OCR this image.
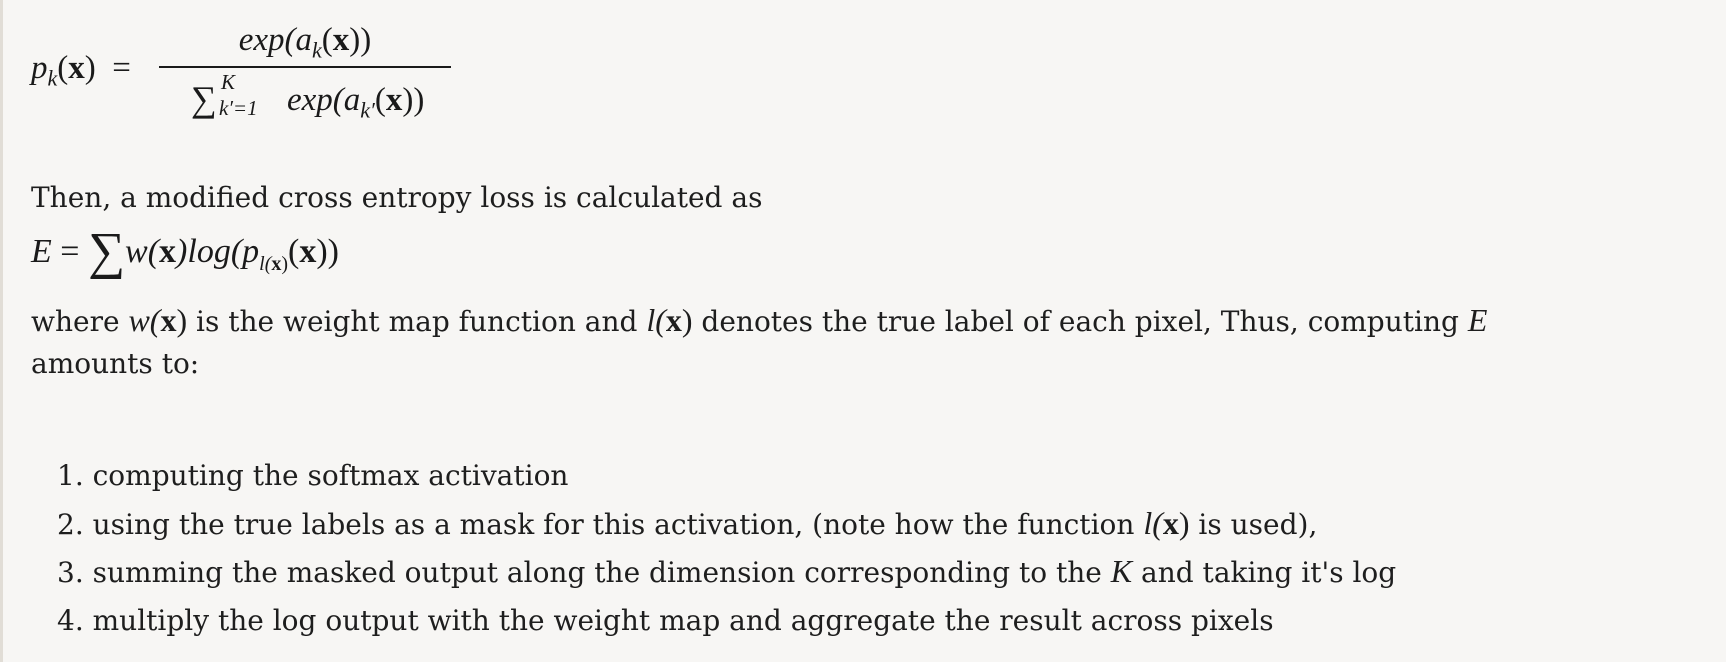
$p_k(x)$ =
$\exp(a_k(x))$
∑ K
k′=1 $\exp(a_{k'}(x))$
Then, a modified cross entropy loss is calculated as
$E = \sum w(x)\log(p_{l(x)}(x))$
where w(x) is the weight map function and l(x) denotes the true label of each pixel, Thus, computing E
amounts to:
1. computing the softmax activation
2. using the true labels as a mask for this activation, (note how the function l(x) is used),
3. summing the masked output along the dimension corresponding to the K and taking it's log
4. multiply the log output with the weight map and aggregate the result across pixels
